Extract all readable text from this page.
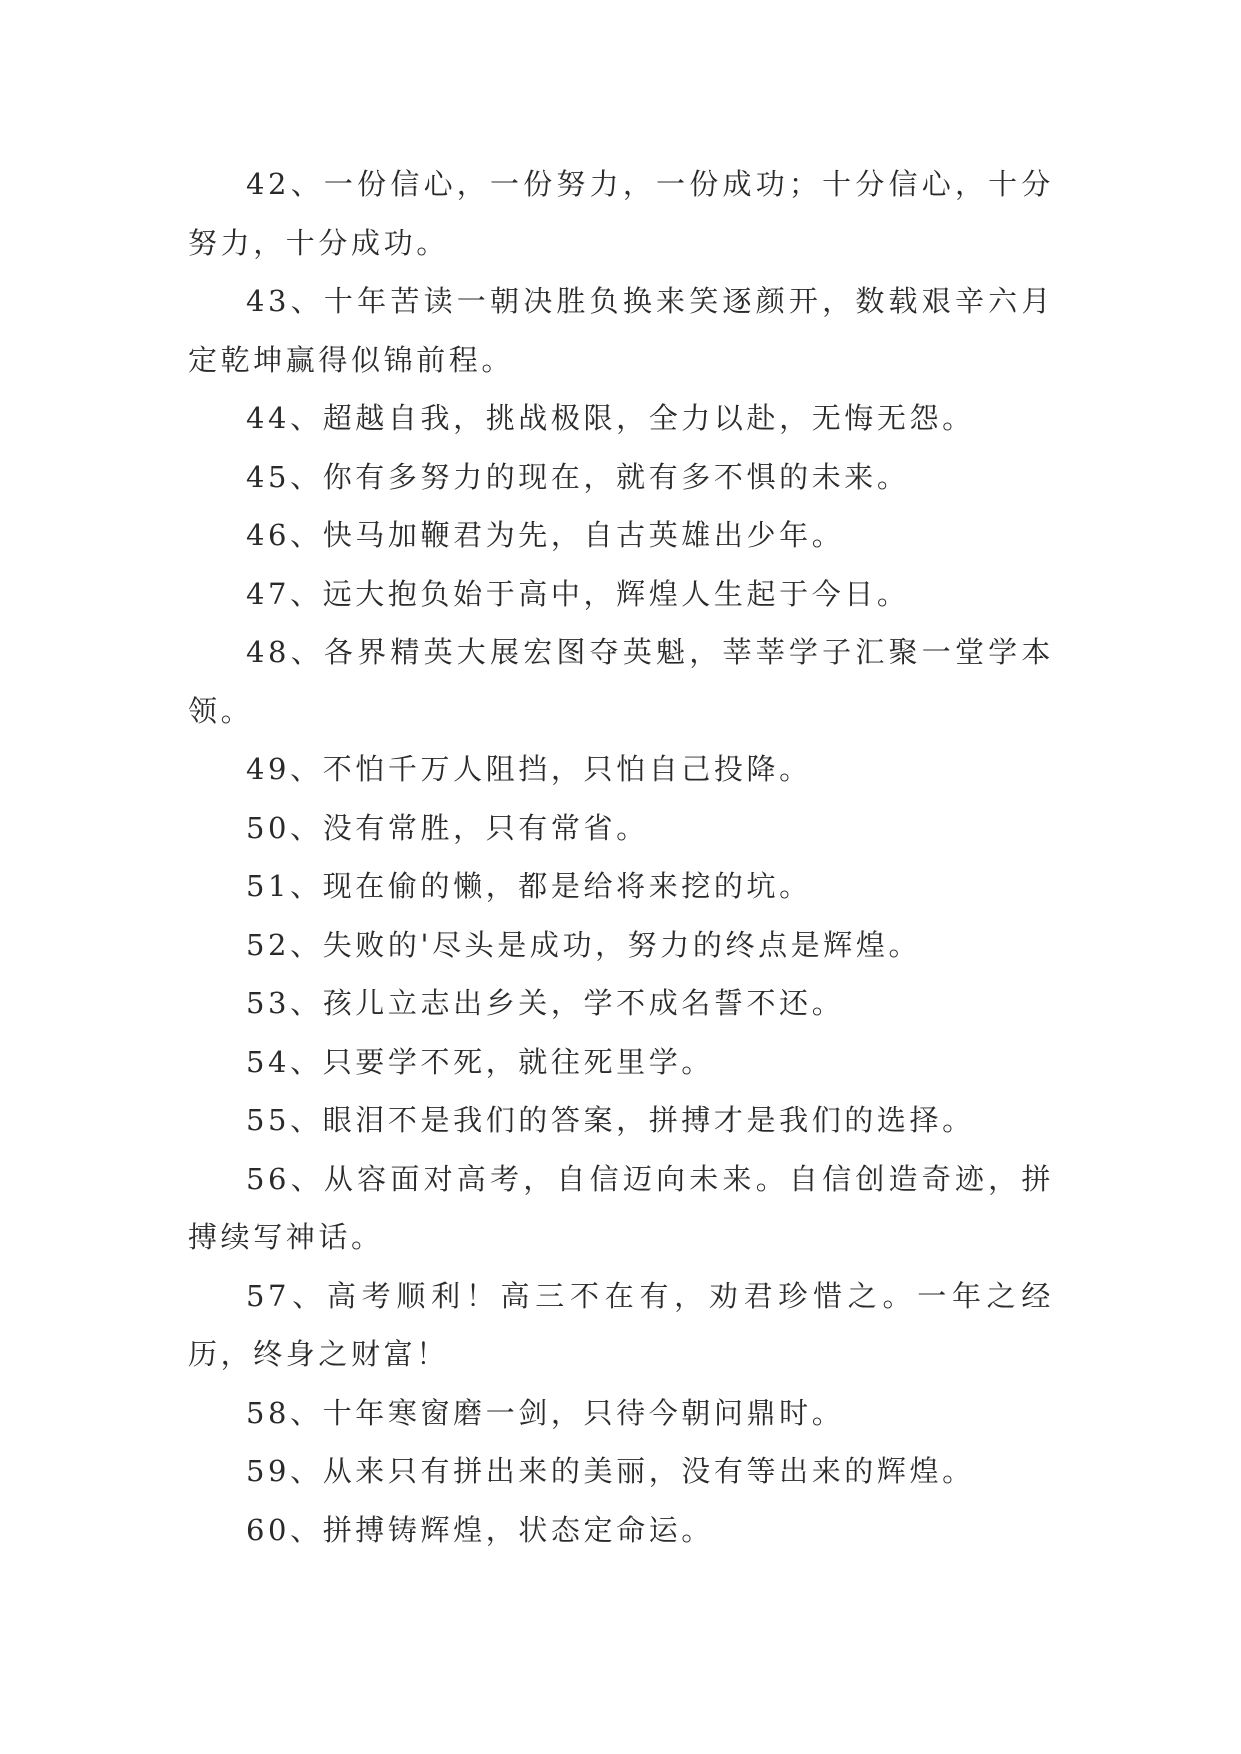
42、一份信心，一份努力，一份成功；十分信心，十分努力，十分成功。

43、十年苦读一朝决胜负换来笑逐颜开，数载艰辛六月定乾坤赢得似锦前程。

44、超越自我，挑战极限，全力以赴，无悔无怨。

45、你有多努力的现在，就有多不惧的未来。

46、快马加鞭君为先，自古英雄出少年。

47、远大抱负始于高中，辉煌人生起于今日。

48、各界精英大展宏图夺英魁，莘莘学子汇聚一堂学本领。

49、不怕千万人阻挡，只怕自己投降。

50、没有常胜，只有常省。

51、现在偷的懒，都是给将来挖的坑。

52、失败的'尽头是成功，努力的终点是辉煌。

53、孩儿立志出乡关，学不成名誓不还。

54、只要学不死，就往死里学。

55、眼泪不是我们的答案，拼搏才是我们的选择。

56、从容面对高考，自信迈向未来。自信创造奇迹，拼搏续写神话。

57、高考顺利！高三不在有，劝君珍惜之。一年之经历，终身之财富！

58、十年寒窗磨一剑，只待今朝问鼎时。

59、从来只有拼出来的美丽，没有等出来的辉煌。

60、拼搏铸辉煌，状态定命运。
